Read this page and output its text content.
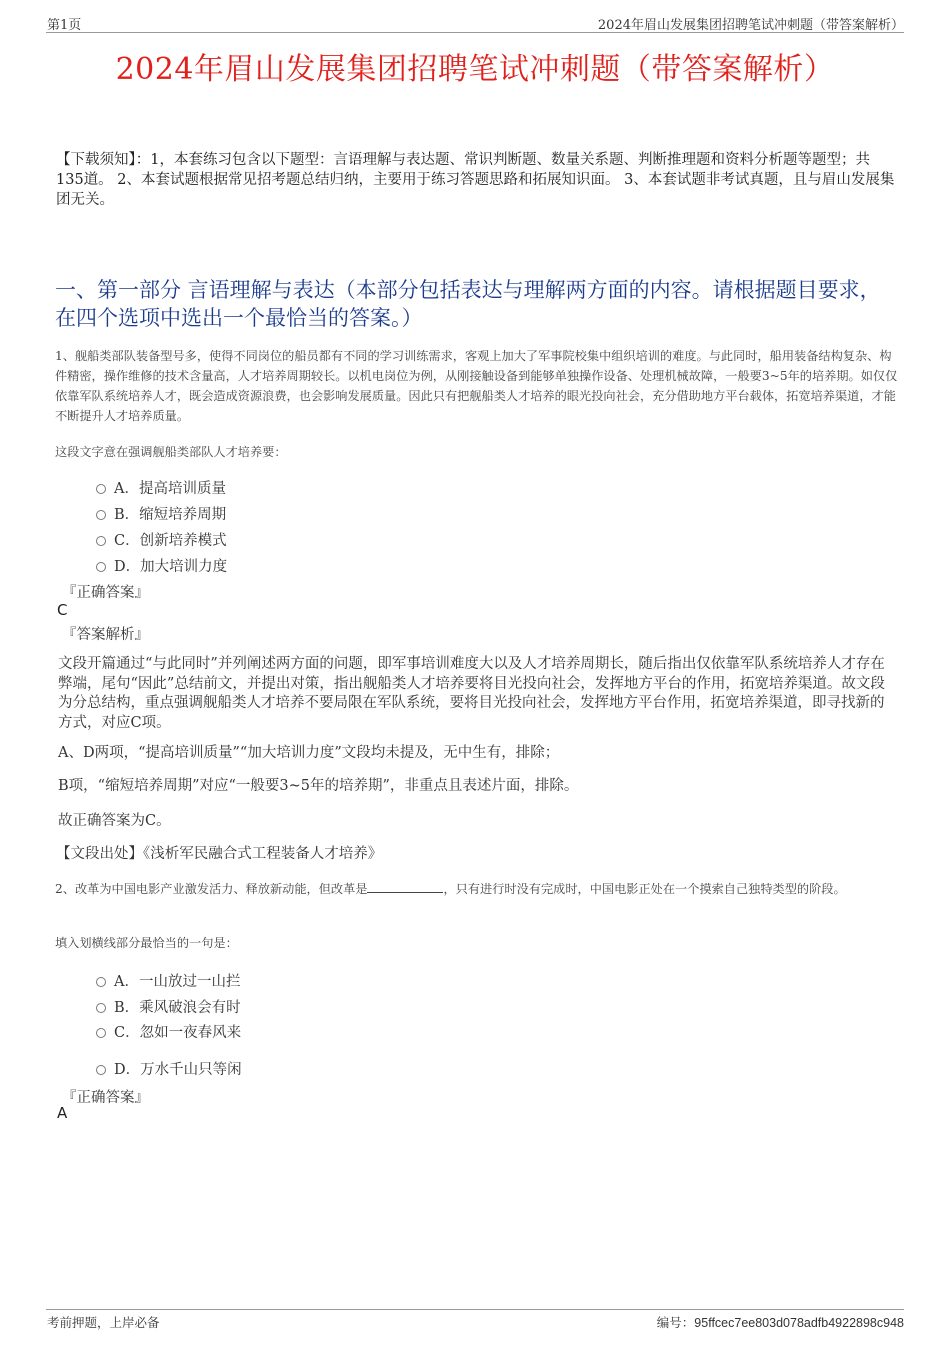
第1页	2024年眉山发展集团招聘笔试冲刺题（带答案解析）
2024年眉山发展集团招聘笔试冲刺题（带答案解析）
【下载须知】：1，本套练习包含以下题型：言语理解与表达题、常识判断题、数量关系题、判断推理题和资料分析题等题型；共135道。 2、本套试题根据常见招考题总结归纳，主要用于练习答题思路和拓展知识面。 3、本套试题非考试真题，且与眉山发展集团无关。
一、第一部分 言语理解与表达（本部分包括表达与理解两方面的内容。请根据题目要求，在四个选项中选出一个最恰当的答案。）
1、舰船类部队装备型号多，使得不同岗位的船员都有不同的学习训练需求，客观上加大了军事院校集中组织培训的难度。与此同时，船用装备结构复杂、构件精密，操作维修的技术含量高，人才培养周期较长。以机电岗位为例，从刚接触设备到能够单独操作设备、处理机械故障，一般要3~5年的培养期。如仅仅依靠军队系统培养人才，既会造成资源浪费，也会影响发展质量。因此只有把舰船类人才培养的眼光投向社会，充分借助地方平台载体，拓宽培养渠道，才能不断提升人才培养质量。
这段文字意在强调舰船类部队人才培养要：
A．提高培训质量
B．缩短培养周期
C．创新培养模式
D．加大培训力度
『正确答案』
C
『答案解析』
文段开篇通过“与此同时”并列阐述两方面的问题，即军事培训难度大以及人才培养周期长，随后指出仅依靠军队系统培养人才存在弊端，尾句“因此”总结前文，并提出对策，指出舰船类人才培养要将目光投向社会，发挥地方平台的作用，拓宽培养渠道。故文段为分总结构，重点强调舰船类人才培养不要局限在军队系统，要将目光投向社会，发挥地方平台作用，拓宽培养渠道，即寻找新的方式，对应C项。
A、D两项，“提高培训质量”“加大培训力度”文段均未提及，无中生有，排除；
B项，“缩短培养周期”对应“一般要3~5年的培养期”，非重点且表述片面，排除。
故正确答案为C。
【文段出处】《浅析军民融合式工程装备人才培养》
2、改革为中国电影产业激发活力、释放新动能，但改革是	，只有进行时没有完成时，中国电影正处在一个摸索自己独特类型的阶段。
填入划横线部分最恰当的一句是：
A．一山放过一山拦
B．乘风破浪会有时
C．忽如一夜春风来
D．万水千山只等闲
『正确答案』
A
考前押题，上岸必备	编号：95ffcec7ee803d078adfb4922898c948
